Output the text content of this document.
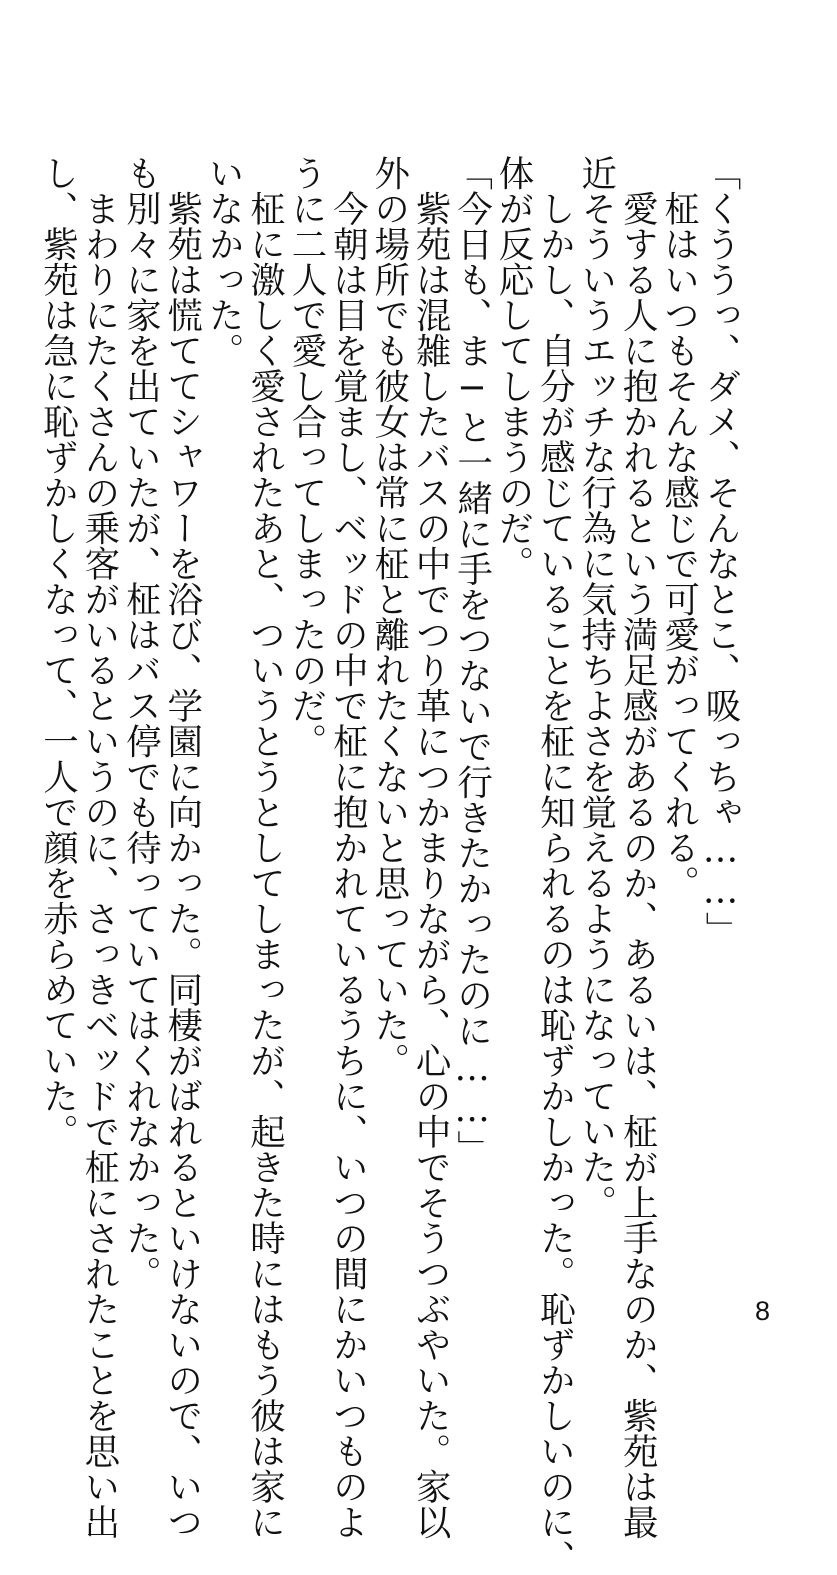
「くううっ、ダメ、そんなとこ、吸っちゃ……」

　柾はいつもそんな感じで可愛がってくれる。

　愛する人に抱かれるという満足感があるのか、あるいは、柾が上手なのか、紫苑は最

近そういうエッチな行為に気持ちよさを覚えるようになっていた。

　しかし、自分が感じていることを柾に知られるのは恥ずかしかった。恥ずかしいのに、

体が反応してしまうのだ。

「今日も、ま─と一緒に手をつないで行きたかったのに……」

　紫苑は混雑したバスの中でつり革につかまりながら、心の中でそうつぶやいた。家以

外の場所でも彼女は常に柾と離れたくないと思っていた。

　今朝は目を覚まし、ベッドの中で柾に抱かれているうちに、いつの間にかいつものよ

うに二人で愛し合ってしまったのだ。

　柾に激しく愛されたあと、ついうとうとしてしまったが、起きた時にはもう彼は家に

いなかった。

　紫苑は慌ててシャワーを浴び、学園に向かった。同棲がばれるといけないので、いつ

も別々に家を出ていたが、柾はバス停でも待っていてはくれなかった。

　まわりにたくさんの乗客がいるというのに、さっきベッドで柾にされたことを思い出

し、紫苑は急に恥ずかしくなって、一人で顔を赤らめていた。

8
